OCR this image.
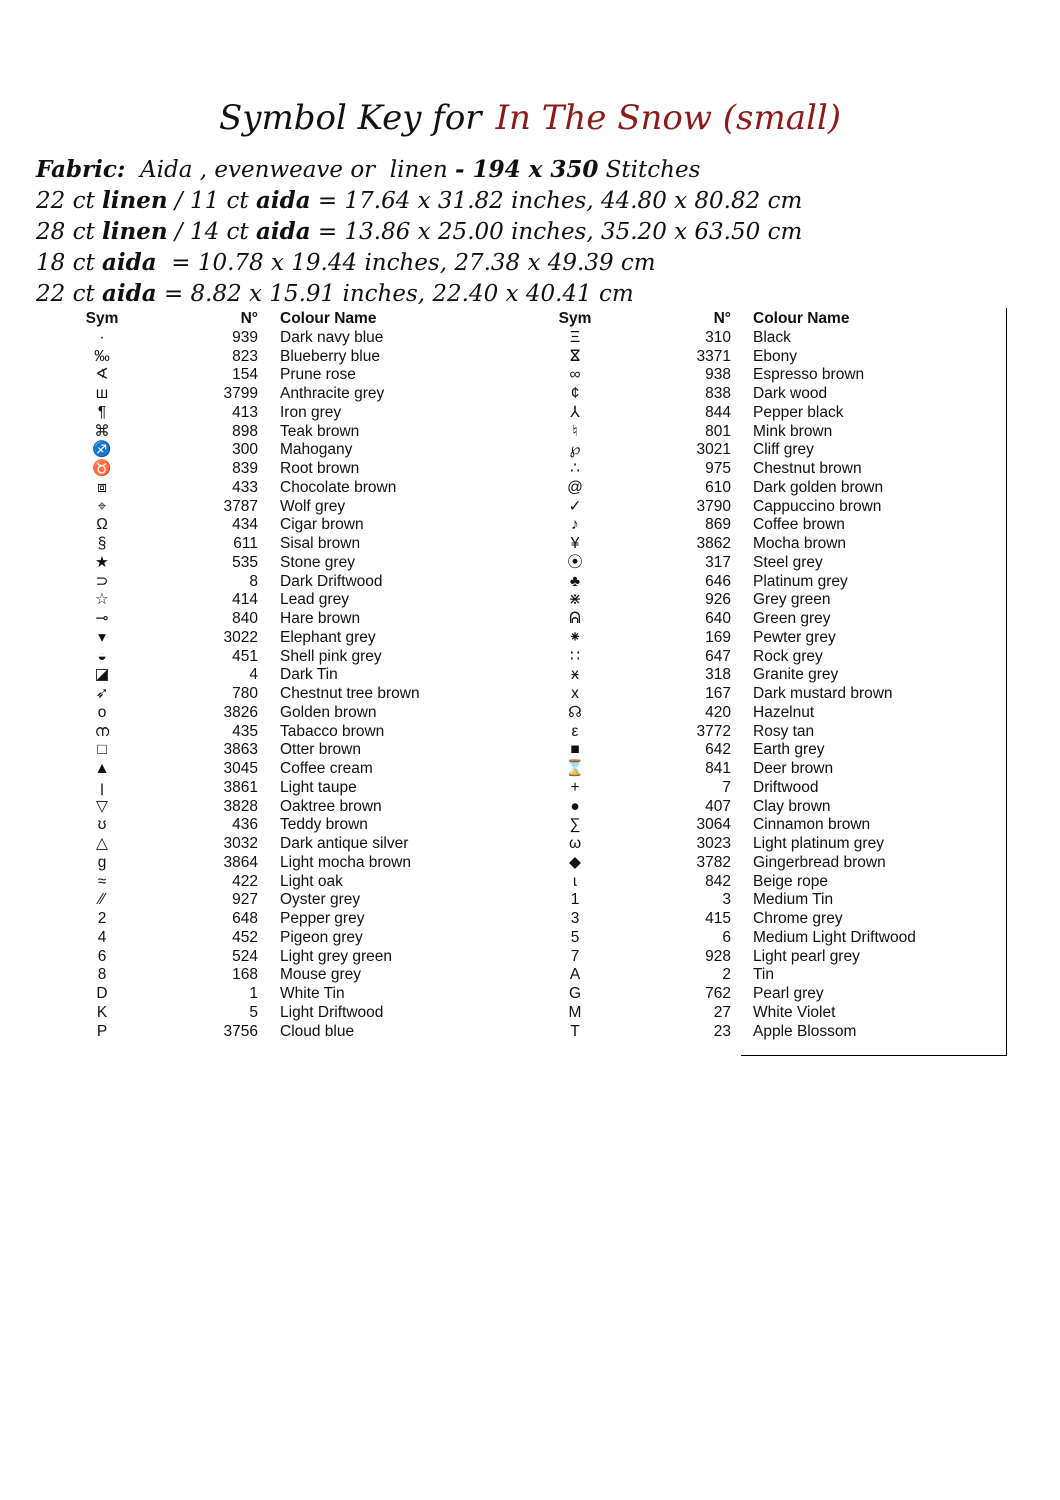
Symbol Key for In The Snow (small)
Fabric:  Aida , evenweave or  linen - 194 x 350 Stitches
22 ct linen / 11 ct aida = 17.64 x 31.82 inches, 44.80 x 80.82 cm
28 ct linen / 14 ct aida = 13.86 x 25.00 inches, 35.20 x 63.50 cm
18 ct aida  = 10.78 x 19.44 inches, 27.38 x 49.39 cm
22 ct aida = 8.82 x 15.91 inches, 22.40 x 40.41 cm
Sym	N° Colour Name
·	939 Dark navy blue
‰	823 Blueberry blue
∢	154 Prune rose
ш	3799 Anthracite grey
¶	413 Iron grey
⌘	898 Teak brown
♐	300 Mahogany
♉	839 Root brown
⧈	433 Chocolate brown
⌖	3787 Wolf grey
Ω	434 Cigar brown
§	611 Sisal brown
★	535 Stone grey
⊃	8 Dark Driftwood
☆	414 Lead grey
⊸	840 Hare brown
▾	3022 Elephant grey
◒	451 Shell pink grey
◪	4 Dark Tin
➶	780 Chestnut tree brown
o	3826 Golden brown
ന	435 Tabacco brown
□	3863 Otter brown
▲	3045 Coffee cream
ꞁ	3861 Light taupe
▽	3828 Oaktree brown
ʊ	436 Teddy brown
△	3032 Dark antique silver
g	3864 Light mocha brown
≈	422 Light oak
⁄⁄	927 Oyster grey
2	648 Pepper grey
4	452 Pigeon grey
6	524 Light grey green
8	168 Mouse grey
D	1 White Tin
K	5 Light Driftwood
P	3756 Cloud blue
Sym	N° Colour Name
Ξ	310 Black
ⴵ	3371 Ebony
∞	938 Espresso brown
¢	838 Dark wood
⅄	844 Pepper black
♮	801 Mink brown
℘	3021 Cliff grey
∴	975 Chestnut brown
@	610 Dark golden brown
✓	3790 Cappuccino brown
♪	869 Coffee brown
¥	3862 Mocha brown
⦿	317 Steel grey
♣	646 Platinum grey
⋇	926 Grey green
ᕱ	640 Green grey
⁕	169 Pewter grey
∷	647 Rock grey
ӿ	318 Granite grey
x	167 Dark mustard brown
☊	420 Hazelnut
ε	3772 Rosy tan
■	642 Earth grey
⌛	841 Deer brown
+	7 Driftwood
●	407 Clay brown
∑	3064 Cinnamon brown
ω	3023 Light platinum grey
◆	3782 Gingerbread brown
ɩ	842 Beige rope
1	3 Medium Tin
3	415 Chrome grey
5	6 Medium Light Driftwood
7	928 Light pearl grey
A	2 Tin
G	762 Pearl grey
M	27 White Violet
T	23 Apple Blossom
